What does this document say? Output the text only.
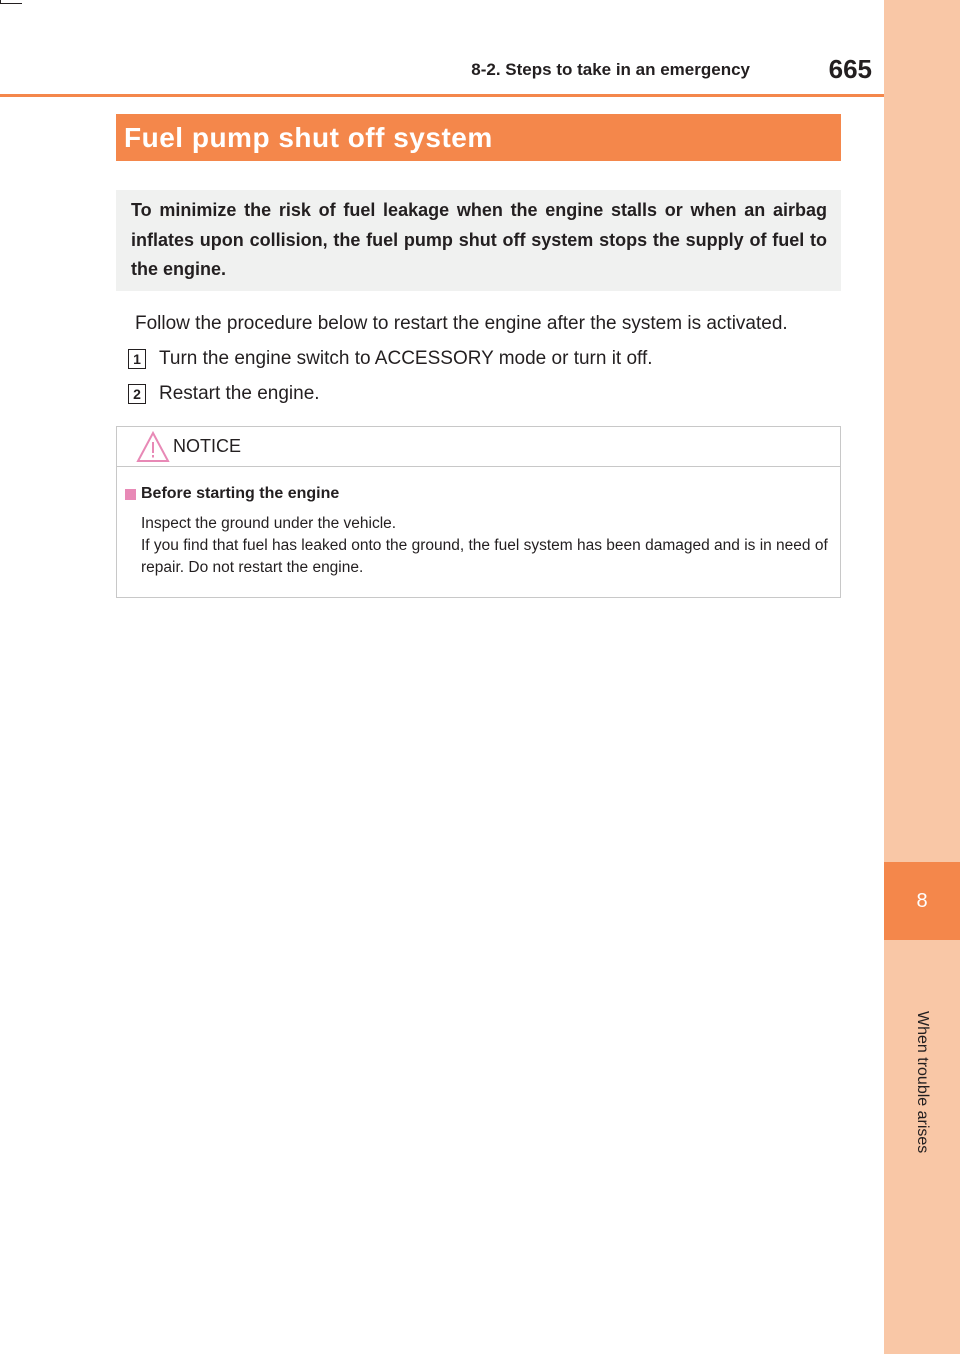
8
When trouble arises
8-2. Steps to take in an emergency	665
Fuel pump shut off system
To minimize the risk of fuel leakage when the engine stalls or when an airbag inflates upon collision, the fuel pump shut off system stops the supply of fuel to the engine.
Follow the procedure below to restart the engine after the system is activated.
1 Turn the engine switch to ACCESSORY mode or turn it off.
2 Restart the engine.
NOTICE
Before starting the engine
Inspect the ground under the vehicle.
If you find that fuel has leaked onto the ground, the fuel system has been damaged and is in need of repair. Do not restart the engine.
